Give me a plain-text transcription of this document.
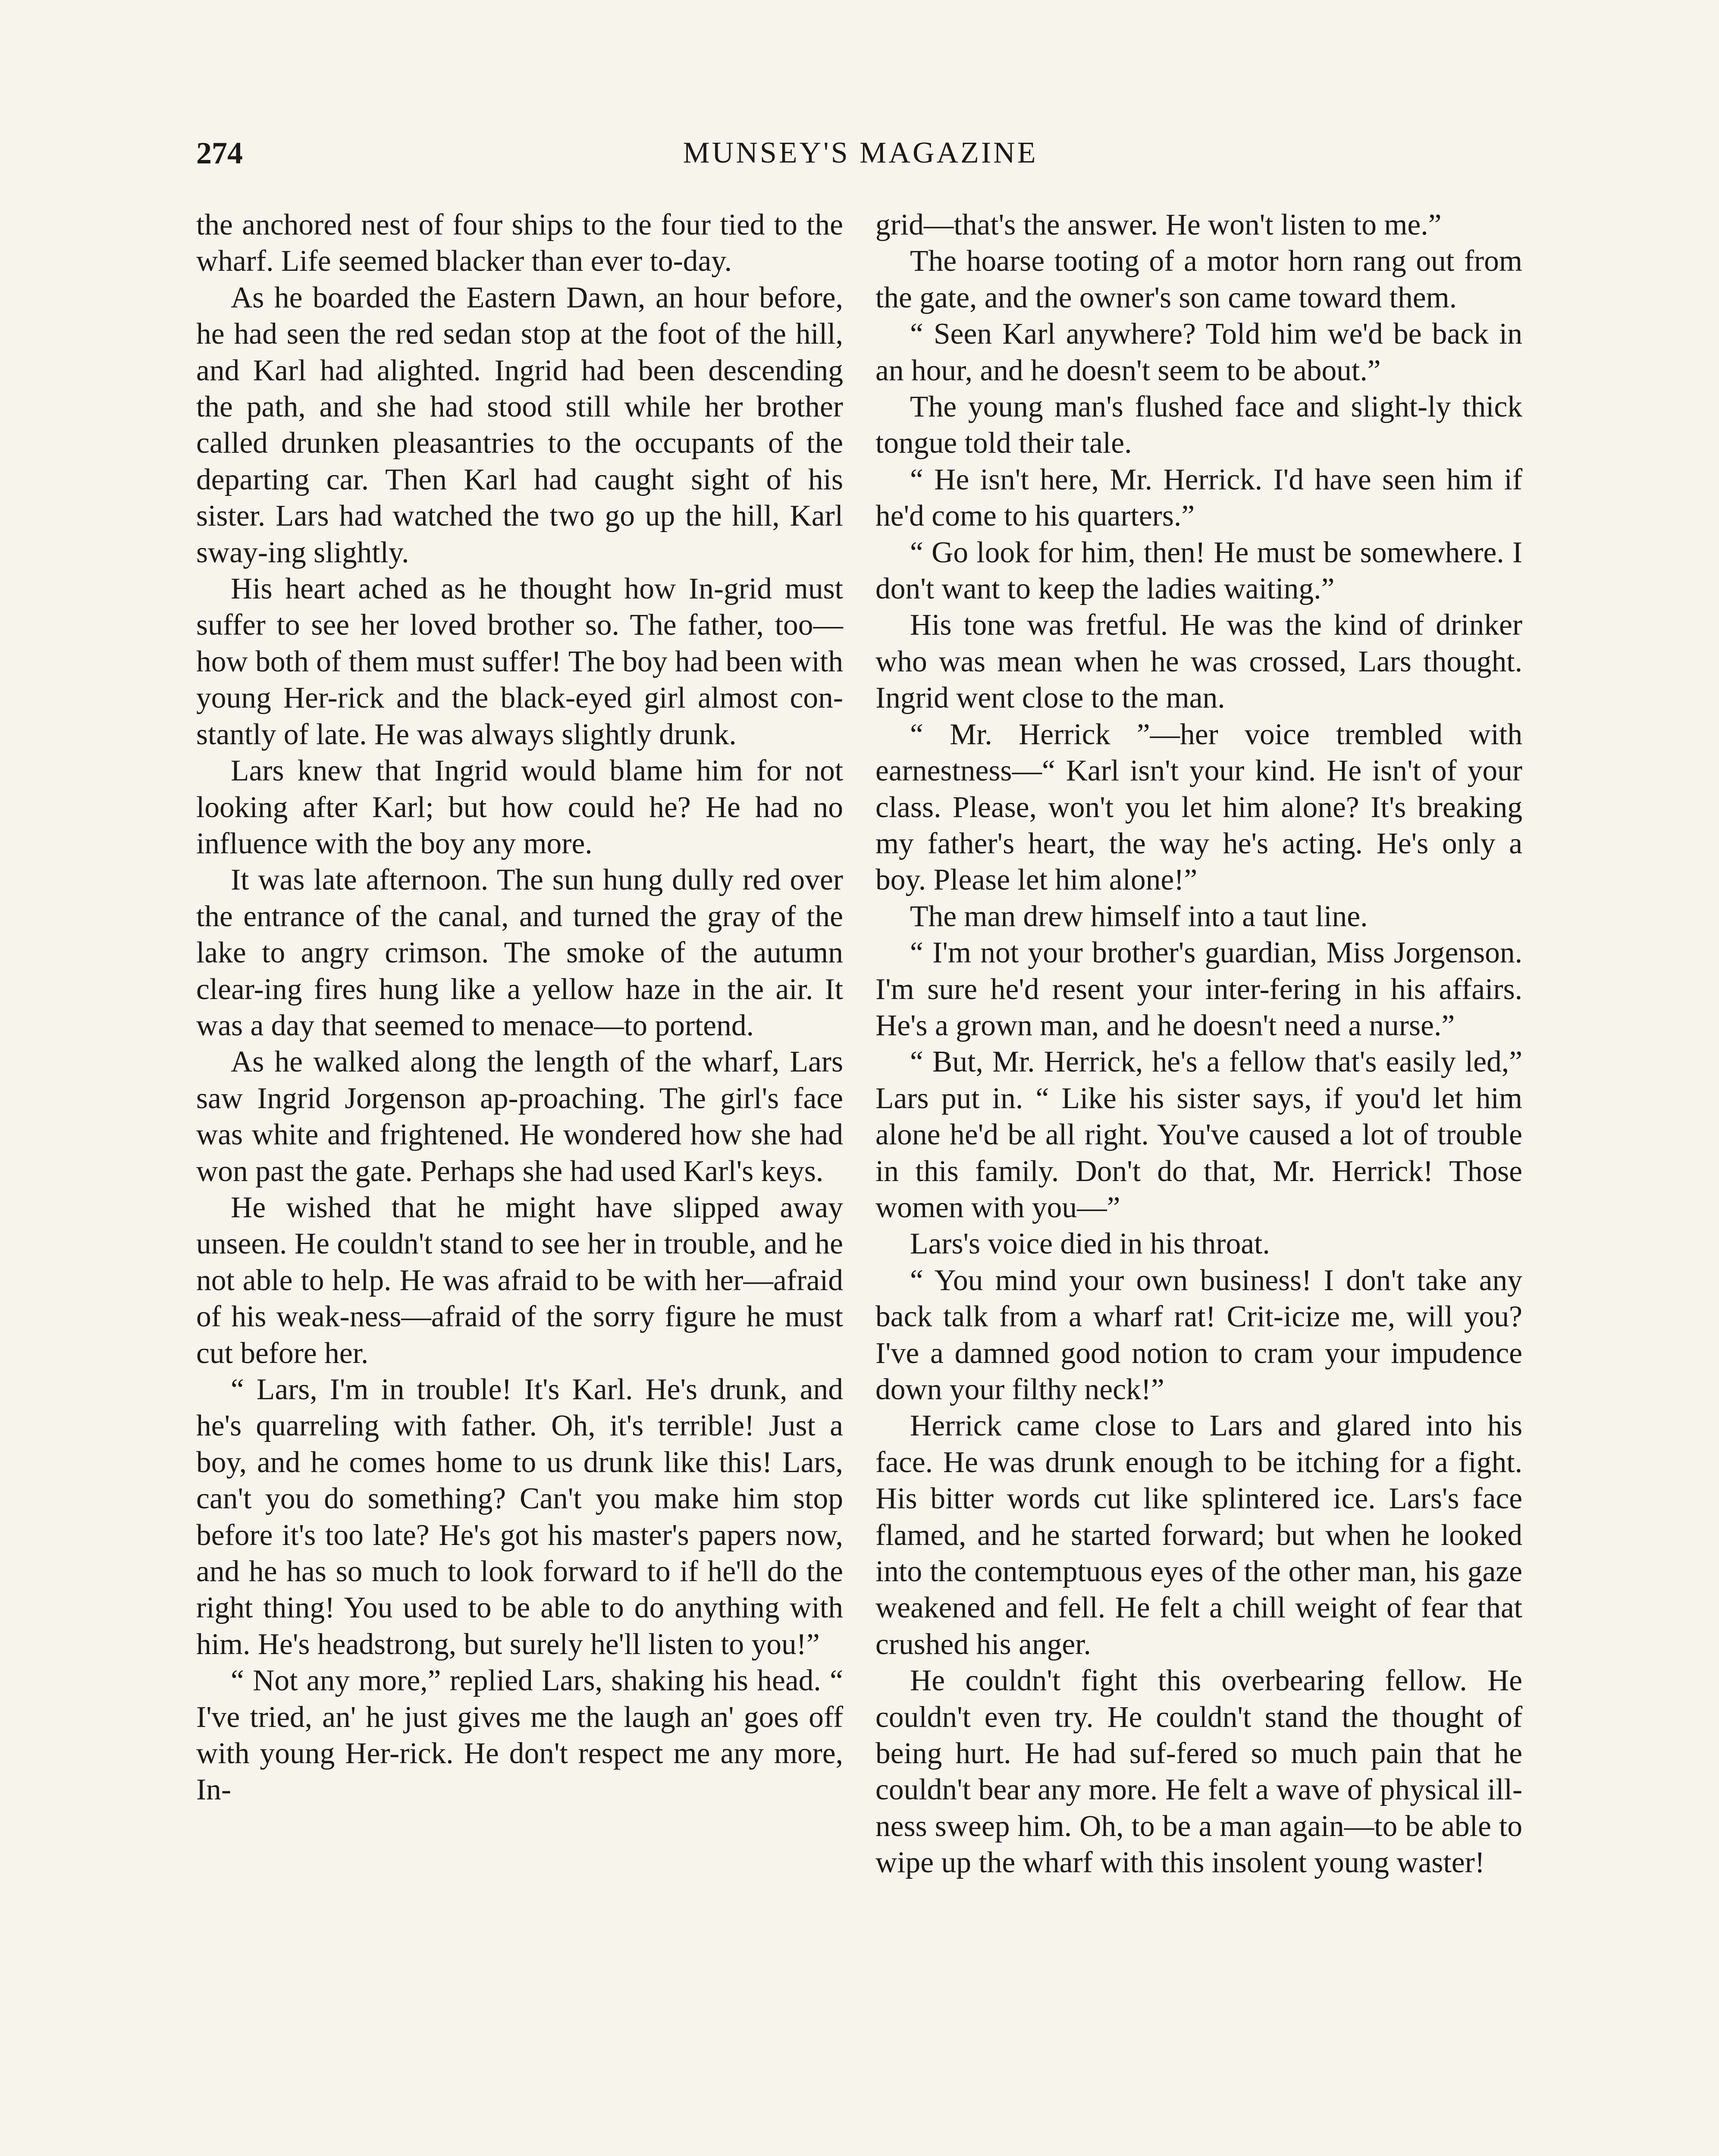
274	MUNSEY'S MAGAZINE

the anchored nest of four ships to the four tied to the wharf. Life seemed blacker than ever to-day.

As he boarded the Eastern Dawn, an hour before, he had seen the red sedan stop at the foot of the hill, and Karl had alighted. Ingrid had been descending the path, and she had stood still while her brother called drunken pleasantries to the occupants of the departing car. Then Karl had caught sight of his sister. Lars had watched the two go up the hill, Karl sway-ing slightly.

His heart ached as he thought how In-grid must suffer to see her loved brother so. The father, too—how both of them must suffer! The boy had been with young Her-rick and the black-eyed girl almost con-stantly of late. He was always slightly drunk.

Lars knew that Ingrid would blame him for not looking after Karl; but how could he? He had no influence with the boy any more.

It was late afternoon. The sun hung dully red over the entrance of the canal, and turned the gray of the lake to angry crimson. The smoke of the autumn clear-ing fires hung like a yellow haze in the air. It was a day that seemed to menace—to portend.

As he walked along the length of the wharf, Lars saw Ingrid Jorgenson ap-proaching. The girl's face was white and frightened. He wondered how she had won past the gate. Perhaps she had used Karl's keys.

He wished that he might have slipped away unseen. He couldn't stand to see her in trouble, and he not able to help. He was afraid to be with her—afraid of his weak-ness—afraid of the sorry figure he must cut before her.

“ Lars, I'm in trouble! It's Karl. He's drunk, and he's quarreling with father. Oh, it's terrible! Just a boy, and he comes home to us drunk like this! Lars, can't you do something? Can't you make him stop before it's too late? He's got his master's papers now, and he has so much to look forward to if he'll do the right thing! You used to be able to do anything with him. He's headstrong, but surely he'll listen to you!”

“ Not any more,” replied Lars, shaking his head. “ I've tried, an' he just gives me the laugh an' goes off with young Her-rick. He don't respect me any more, In-

grid—that's the answer. He won't listen to me.”

The hoarse tooting of a motor horn rang out from the gate, and the owner's son came toward them.

“ Seen Karl anywhere? Told him we'd be back in an hour, and he doesn't seem to be about.”

The young man's flushed face and slight-ly thick tongue told their tale.

“ He isn't here, Mr. Herrick. I'd have seen him if he'd come to his quarters.”

“ Go look for him, then! He must be somewhere. I don't want to keep the ladies waiting.”

His tone was fretful. He was the kind of drinker who was mean when he was crossed, Lars thought. Ingrid went close to the man.

“ Mr. Herrick ”—her voice trembled with earnestness—“ Karl isn't your kind. He isn't of your class. Please, won't you let him alone? It's breaking my father's heart, the way he's acting. He's only a boy. Please let him alone!”

The man drew himself into a taut line.

“ I'm not your brother's guardian, Miss Jorgenson. I'm sure he'd resent your inter-fering in his affairs. He's a grown man, and he doesn't need a nurse.”

“ But, Mr. Herrick, he's a fellow that's easily led,” Lars put in. “ Like his sister says, if you'd let him alone he'd be all right. You've caused a lot of trouble in this family. Don't do that, Mr. Herrick! Those women with you—”

Lars's voice died in his throat.

“ You mind your own business! I don't take any back talk from a wharf rat! Crit-icize me, will you? I've a damned good notion to cram your impudence down your filthy neck!”

Herrick came close to Lars and glared into his face. He was drunk enough to be itching for a fight. His bitter words cut like splintered ice. Lars's face flamed, and he started forward; but when he looked into the contemptuous eyes of the other man, his gaze weakened and fell. He felt a chill weight of fear that crushed his anger.

He couldn't fight this overbearing fellow. He couldn't even try. He couldn't stand the thought of being hurt. He had suf-fered so much pain that he couldn't bear any more. He felt a wave of physical ill-ness sweep him. Oh, to be a man again—to be able to wipe up the wharf with this insolent young waster!
